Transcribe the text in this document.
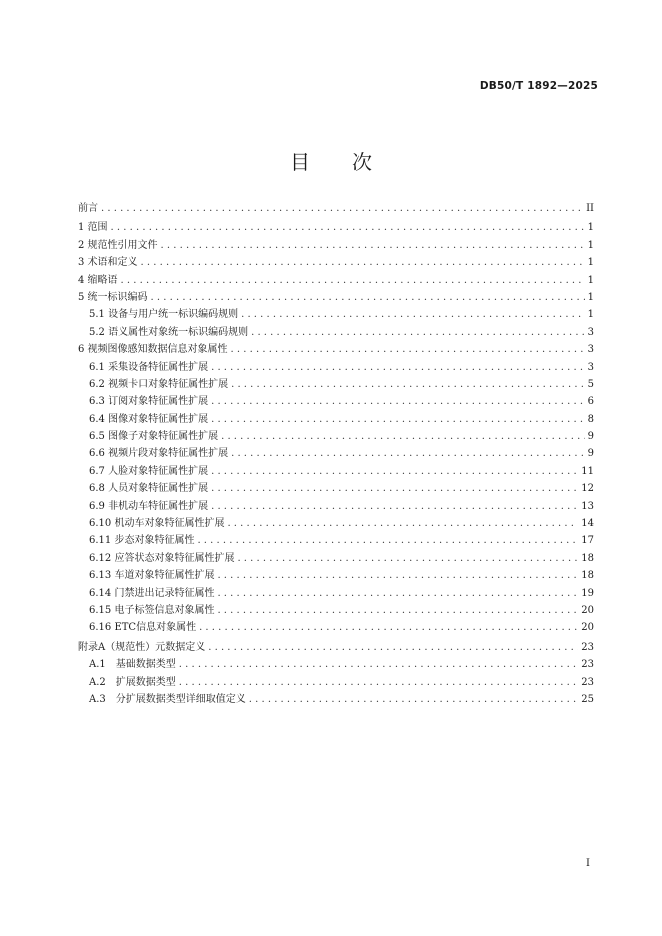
DB50/T 1892—2025
目 次
前言 . . .	II
1 范围 . . .	1
2 规范性引用文件 . . .	1
3 术语和定义 . . .	1
4 缩略语 . . .	1
5 统一标识编码 . . .	1
5.1 设备与用户统一标识编码规则 . . .	1
5.2 语义属性对象统一标识编码规则 . . .	3
6 视频图像感知数据信息对象属性 . . .	3
6.1 采集设备特征属性扩展 . . .	3
6.2 视频卡口对象特征属性扩展 . . .	5
6.3 订阅对象特征属性扩展 . . .	6
6.4 图像对象特征属性扩展 . . .	8
6.5 图像子对象特征属性扩展 . . .	9
6.6 视频片段对象特征属性扩展 . . .	9
6.7 人脸对象特征属性扩展 . . .	11
6.8 人员对象特征属性扩展 . . .	12
6.9 非机动车特征属性扩展 . . .	13
6.10 机动车对象特征属性扩展 . . .	14
6.11 步态对象特征属性 . . .	17
6.12 应答状态对象特征属性扩展 . . .	18
6.13 车道对象特征属性扩展 . . .	18
6.14 门禁进出记录特征属性 . . .	19
6.15 电子标签信息对象属性 . . .	20
6.16 ETC信息对象属性 . . .	20
附录A（规范性）元数据定义 . . .	23
A.1　基础数据类型 . . .	23
A.2　扩展数据类型 . . .	23
A.3　分扩展数据类型详细取值定义 . . .	25
I
